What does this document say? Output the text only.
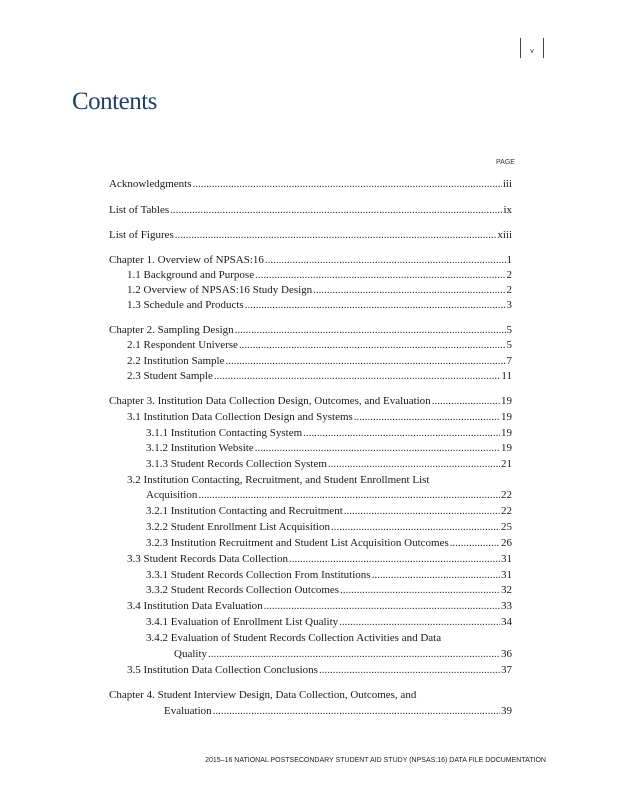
v
Contents
PAGE
Acknowledgments .....	iii
List of Tables .....	ix
List of Figures .....	xiii
Chapter 1. Overview of NPSAS:16 .....	1
1.1 Background and Purpose .....	2
1.2 Overview of NPSAS:16 Study Design .....	2
1.3 Schedule and Products .....	3
Chapter 2. Sampling Design .....	5
2.1 Respondent Universe .....	5
2.2 Institution Sample .....	7
2.3 Student Sample .....	11
Chapter 3. Institution Data Collection Design, Outcomes, and Evaluation .....	19
3.1 Institution Data Collection Design and Systems .....	19
3.1.1 Institution Contacting System .....	19
3.1.2 Institution Website .....	19
3.1.3 Student Records Collection System .....	21
3.2 Institution Contacting, Recruitment, and Student Enrollment List
Acquisition .....	22
3.2.1 Institution Contacting and Recruitment .....	22
3.2.2 Student Enrollment List Acquisition .....	25
3.2.3 Institution Recruitment and Student List Acquisition Outcomes .....	26
3.3 Student Records Data Collection .....	31
3.3.1 Student Records Collection From Institutions .....	31
3.3.2 Student Records Collection Outcomes .....	32
3.4 Institution Data Evaluation .....	33
3.4.1 Evaluation of Enrollment List Quality .....	34
3.4.2 Evaluation of Student Records Collection Activities and Data
Quality .....	36
3.5 Institution Data Collection Conclusions .....	37
Chapter 4. Student Interview Design, Data Collection, Outcomes, and
Evaluation .....	39
2015–16 NATIONAL POSTSECONDARY STUDENT AID STUDY (NPSAS:16) DATA FILE DOCUMENTATION
